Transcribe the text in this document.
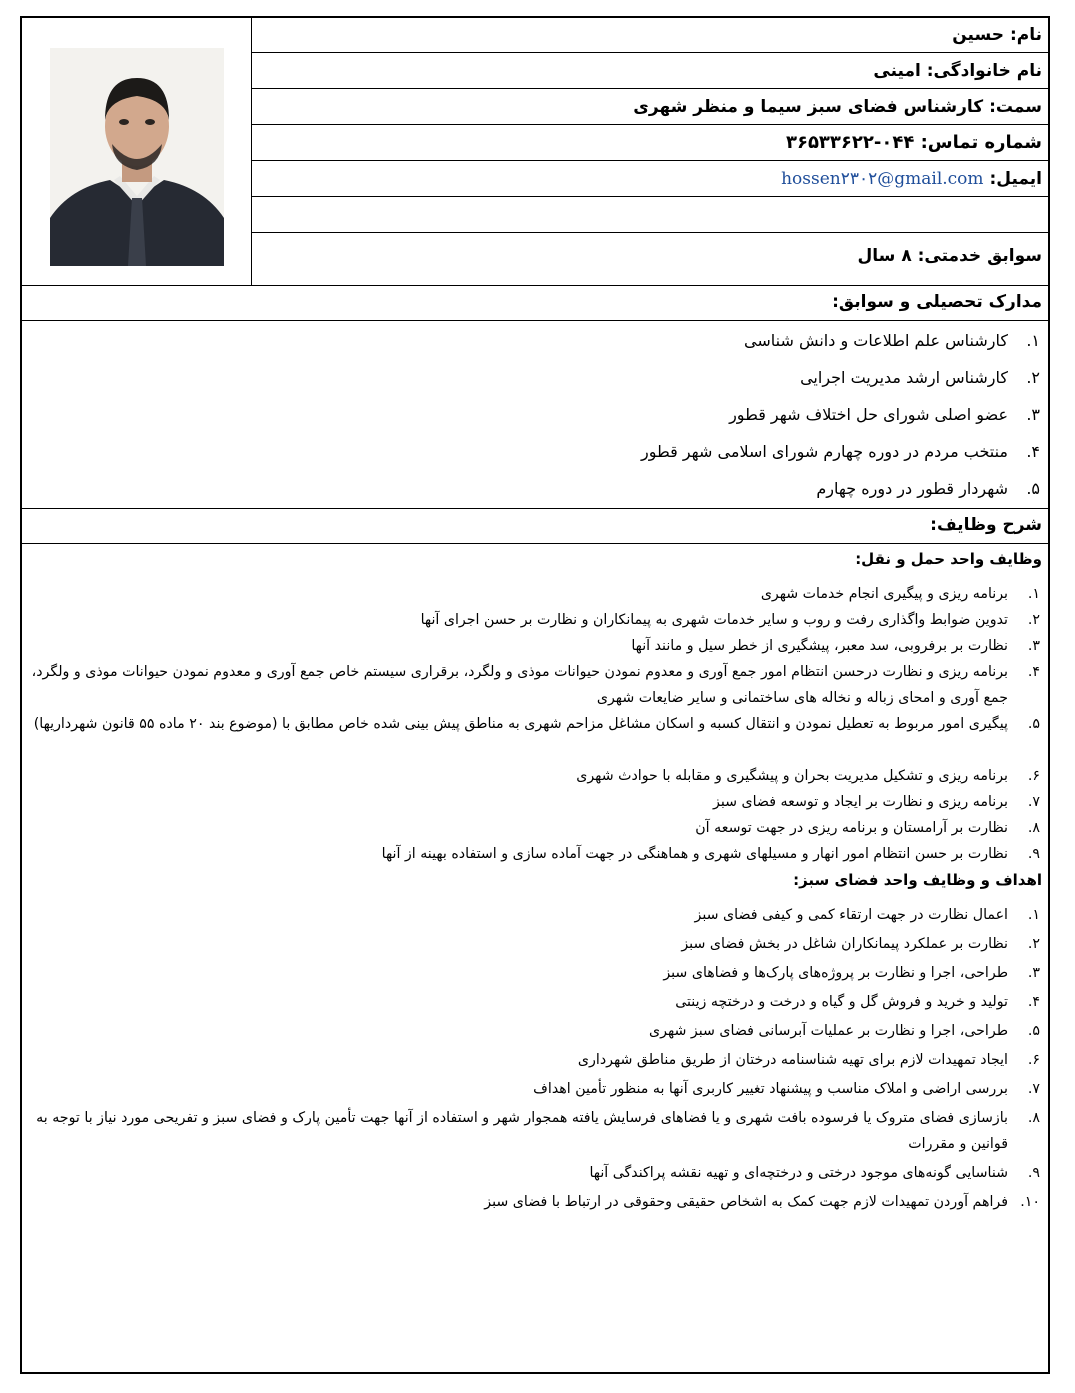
نام: حسین
نام خانوادگی: امینی
سمت: کارشناس فضای سبز سیما و منظر شهری
شماره تماس: ۰۴۴-۳۶۵۳۳۶۲۲
ایمیل: hossen۲۳۰۲@gmail.com
سوابق خدمتی: ۸ سال
مدارک تحصیلی و سوابق:
۱.
کارشناس علم اطلاعات و دانش شناسی
۲.
کارشناس ارشد مدیریت اجرایی
۳.
عضو اصلی شورای حل اختلاف شهر قطور
۴.
منتخب مردم در دوره چهارم شورای اسلامی شهر قطور
۵.
شهردار قطور در دوره چهارم
شرح وظایف:
وظایف واحد حمل و نقل:
۱.
برنامه ریزی و پیگیری انجام خدمات شهری
۲.
تدوین ضوابط واگذاری رفت و روب و سایر خدمات شهری به پیمانکاران و نظارت بر حسن اجرای آنها
۳.
نظارت بر برفروبی، سد معبر، پیشگیری از خطر سیل و مانند آنها
۴.
برنامه ریزی و نظارت درحسن انتظام امور جمع آوری و معدوم نمودن حیوانات موذی و ولگرد، برقراری سیستم خاص جمع آوری و معدوم نمودن حیوانات موذی و ولگرد، جمع آوری و امحای زباله و نخاله های ساختمانی و سایر ضایعات شهری
۵.
پیگیری امور مربوط به تعطیل نمودن و انتقال کسبه و اسکان مشاغل مزاحم شهری به مناطق پیش بینی شده خاص مطابق با (موضوع بند ۲۰ ماده ۵۵ قانون شهرداریها)
۶.
برنامه ریزی و تشکیل مدیریت بحران و پیشگیری و مقابله با حوادث شهری
۷.
برنامه ریزی و نظارت بر ایجاد و توسعه فضای سبز
۸.
نظارت بر آرامستان و برنامه ریزی در جهت توسعه آن
۹.
نظارت بر حسن انتظام امور انهار و مسیلهای شهری و هماهنگی در جهت آماده سازی و استفاده بهینه از آنها
اهداف و وظایف واحد فضای سبز:
۱.
اعمال نظارت در جهت ارتقاء کمی و کیفی فضای سبز
۲.
نظارت بر عملکرد پیمانکاران شاغل در بخش فضای سبز
۳.
طراحی، اجرا و نظارت بر پروژه‌های پارک‌ها و فضاهای سبز
۴.
تولید و خرید و فروش گل و گیاه و درخت و درختچه زینتی
۵.
طراحی، اجرا و نظارت بر عملیات آبرسانی فضای سبز شهری
۶.
ایجاد تمهیدات لازم برای تهیه شناسنامه درختان از طریق مناطق شهرداری
۷.
بررسی اراضی و املاک مناسب و پیشنهاد تغییر کاربری آنها به منظور تأمین اهداف
۸.
بازسازی فضای متروک یا فرسوده بافت شهری و یا فضاهای فرسایش یافته همجوار شهر و استفاده از آنها جهت تأمین پارک و فضای سبز و تفریحی مورد نیاز با توجه به قوانین و مقررات
۹.
شناسایی گونه‌های موجود درختی و درختچه‌ای و تهیه نقشه پراکندگی آنها
۱۰.
فراهم آوردن تمهیدات لازم جهت کمک به اشخاص حقیقی وحقوقی در ارتباط با فضای سبز
